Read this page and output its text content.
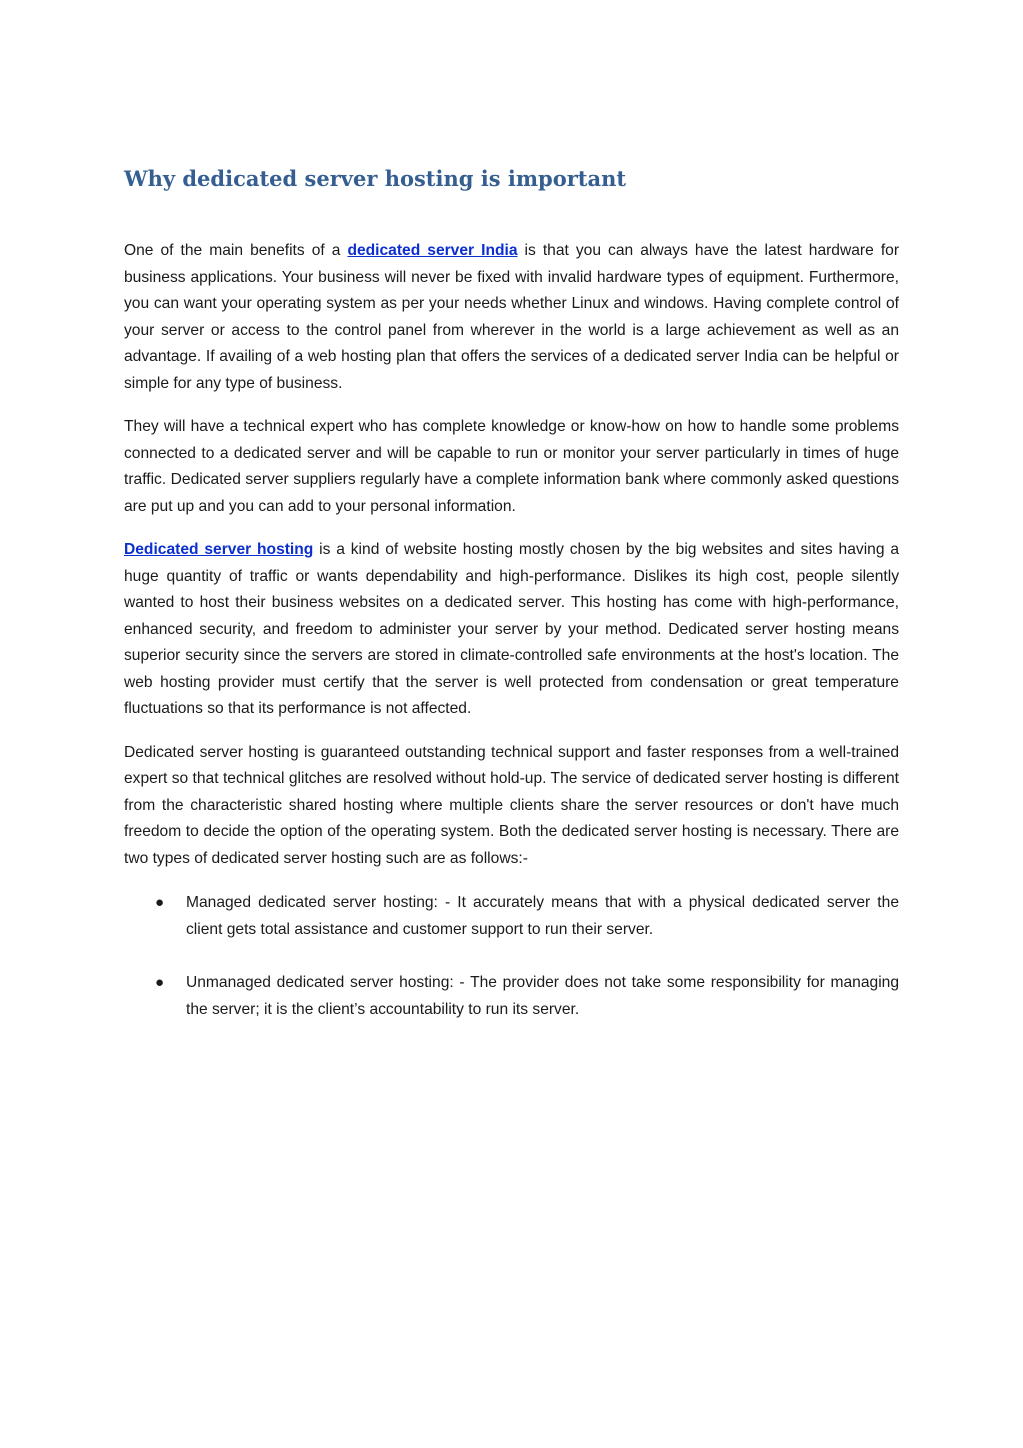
Why dedicated server hosting is important

One of the main benefits of a dedicated server India is that you can always have the latest hardware for business applications. Your business will never be fixed with invalid hardware types of equipment. Furthermore, you can want your operating system as per your needs whether Linux and windows. Having complete control of your server or access to the control panel from wherever in the world is a large achievement as well as an advantage. If availing of a web hosting plan that offers the services of a dedicated server India can be helpful or simple for any type of business.

They will have a technical expert who has complete knowledge or know-how on how to handle some problems connected to a dedicated server and will be capable to run or monitor your server particularly in times of huge traffic. Dedicated server suppliers regularly have a complete information bank where commonly asked questions are put up and you can add to your personal information.

Dedicated server hosting is a kind of website hosting mostly chosen by the big websites and sites having a huge quantity of traffic or wants dependability and high-performance. Dislikes its high cost, people silently wanted to host their business websites on a dedicated server. This hosting has come with high-performance, enhanced security, and freedom to administer your server by your method. Dedicated server hosting means superior security since the servers are stored in climate-controlled safe environments at the host's location. The web hosting provider must certify that the server is well protected from condensation or great temperature fluctuations so that its performance is not affected.

Dedicated server hosting is guaranteed outstanding technical support and faster responses from a well-trained expert so that technical glitches are resolved without hold-up. The service of dedicated server hosting is different from the characteristic shared hosting where multiple clients share the server resources or don't have much freedom to decide the option of the operating system. Both the dedicated server hosting is necessary. There are two types of dedicated server hosting such are as follows:-

● Managed dedicated server hosting: - It accurately means that with a physical dedicated server the client gets total assistance and customer support to run their server.
● Unmanaged dedicated server hosting: - The provider does not take some responsibility for managing the server; it is the client’s accountability to run its server.
